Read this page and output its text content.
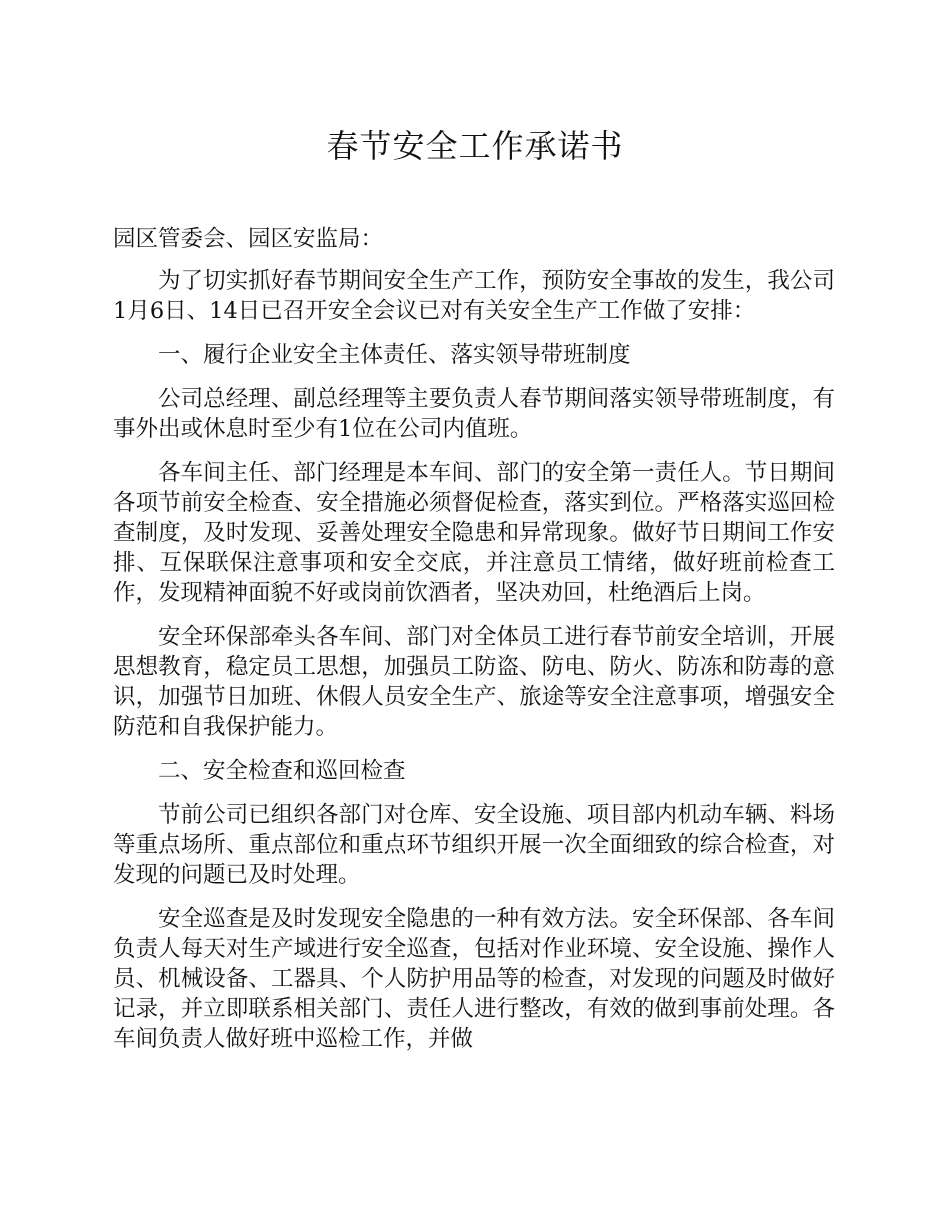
春节安全工作承诺书

园区管委会、园区安监局：

为了切实抓好春节期间安全生产工作，预防安全事故的发生，我公司1月6日、14日已召开安全会议已对有关安全生产工作做了安排：

一、履行企业安全主体责任、落实领导带班制度

公司总经理、副总经理等主要负责人春节期间落实领导带班制度，有事外出或休息时至少有1位在公司内值班。

各车间主任、部门经理是本车间、部门的安全第一责任人。节日期间各项节前安全检查、安全措施必须督促检查，落实到位。严格落实巡回检查制度，及时发现、妥善处理安全隐患和异常现象。做好节日期间工作安排、互保联保注意事项和安全交底，并注意员工情绪，做好班前检查工作，发现精神面貌不好或岗前饮酒者，坚决劝回，杜绝酒后上岗。

安全环保部牵头各车间、部门对全体员工进行春节前安全培训，开展思想教育，稳定员工思想，加强员工防盗、防电、防火、防冻和防毒的意识，加强节日加班、休假人员安全生产、旅途等安全注意事项，增强安全防范和自我保护能力。

二、安全检查和巡回检查

节前公司已组织各部门对仓库、安全设施、项目部内机动车辆、料场等重点场所、重点部位和重点环节组织开展一次全面细致的综合检查，对发现的问题已及时处理。

安全巡查是及时发现安全隐患的一种有效方法。安全环保部、各车间负责人每天对生产域进行安全巡查，包括对作业环境、安全设施、操作人员、机械设备、工器具、个人防护用品等的检查，对发现的问题及时做好记录，并立即联系相关部门、责任人进行整改，有效的做到事前处理。各车间负责人做好班中巡检工作，并做
